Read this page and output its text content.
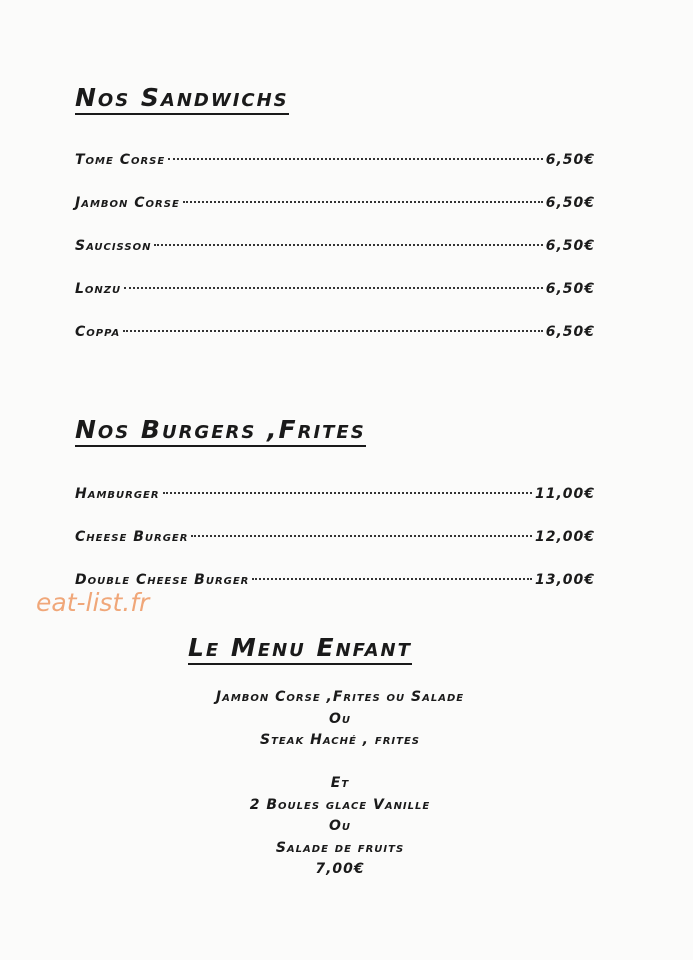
Nos Sandwichs
Tome Corse	6,50€
Jambon Corse	6,50€
Saucisson	6,50€
Lonzu	6,50€
Coppa	6,50€
Nos Burgers ,Frites
Hamburger	11,00€
Cheese Burger	12,00€
Double Cheese Burger	13,00€
eat-list.fr
Le Menu Enfant
Jambon Corse ,Frites ou Salade
Ou
Steak Haché , frites
Et
2 Boules glace Vanille
Ou
Salade de fruits
7,00€
